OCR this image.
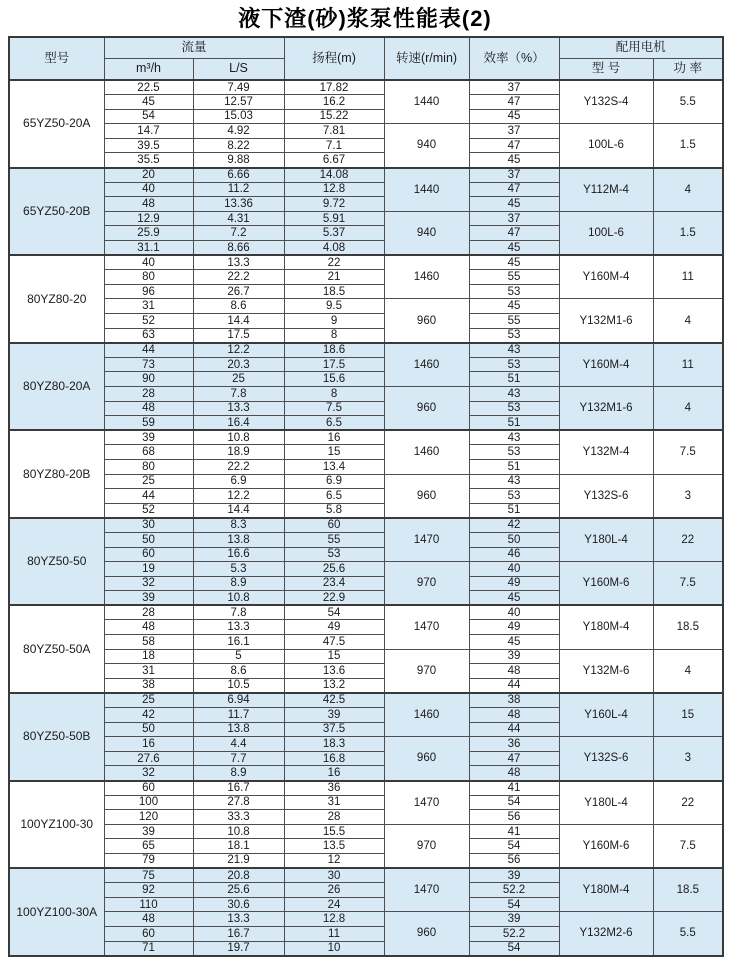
液下渣(砂)浆泵性能表(2)
型号	流量		扬程(m)	转速(r/min)	效率（%）	配用电机	
	m³/h	L/S				型 号	功 率
65YZ50-20A	22.5	7.49	17.82	1440	37	Y132S-4	5.5
	45	12.57	16.2		47		
	54	15.03	15.22		45		
	14.7	4.92	7.81	940	37	100L-6	1.5
	39.5	8.22	7.1		47		
	35.5	9.88	6.67		45		
65YZ50-20B	20	6.66	14.08	1440	37	Y112M-4	4
	40	11.2	12.8		47		
	48	13.36	9.72		45		
	12.9	4.31	5.91	940	37	100L-6	1.5
	25.9	7.2	5.37		47		
	31.1	8.66	4.08		45		
80YZ80-20	40	13.3	22	1460	45	Y160M-4	11
	80	22.2	21		55		
	96	26.7	18.5		53		
	31	8.6	9.5	960	45	Y132M1-6	4
	52	14.4	9		55		
	63	17.5	8		53		
80YZ80-20A	44	12.2	18.6	1460	43	Y160M-4	11
	73	20.3	17.5		53		
	90	25	15.6		51		
	28	7.8	8	960	43	Y132M1-6	4
	48	13.3	7.5		53		
	59	16.4	6.5		51		
80YZ80-20B	39	10.8	16	1460	43	Y132M-4	7.5
	68	18.9	15		53		
	80	22.2	13.4		51		
	25	6.9	6.9	960	43	Y132S-6	3
	44	12.2	6.5		53		
	52	14.4	5.8		51		
80YZ50-50	30	8.3	60	1470	42	Y180L-4	22
	50	13.8	55		50		
	60	16.6	53		46		
	19	5.3	25.6	970	40	Y160M-6	7.5
	32	8.9	23.4		49		
	39	10.8	22.9		45		
80YZ50-50A	28	7.8	54	1470	40	Y180M-4	18.5
	48	13.3	49		49		
	58	16.1	47.5		45		
	18	5	15	970	39	Y132M-6	4
	31	8.6	13.6		48		
	38	10.5	13.2		44		
80YZ50-50B	25	6.94	42.5	1460	38	Y160L-4	15
	42	11.7	39		48		
	50	13.8	37.5		44		
	16	4.4	18.3	960	36	Y132S-6	3
	27.6	7.7	16.8		47		
	32	8.9	16		48		
100YZ100-30	60	16.7	36	1470	41	Y180L-4	22
	100	27.8	31		54		
	120	33.3	28		56		
	39	10.8	15.5	970	41	Y160M-6	7.5
	65	18.1	13.5		54		
	79	21.9	12		56		
100YZ100-30A	75	20.8	30	1470	39	Y180M-4	18.5
	92	25.6	26		52.2		
	110	30.6	24		54		
	48	13.3	12.8	960	39	Y132M2-6	5.5
	60	16.7	11		52.2		
	71	19.7	10		54		
